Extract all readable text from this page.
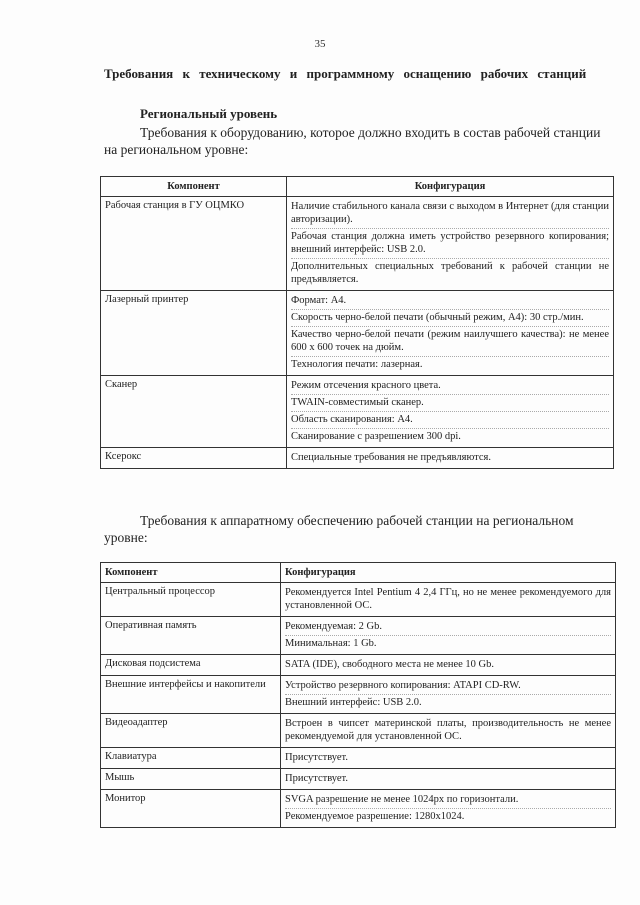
35
Требования к техническому и программному оснащению рабочих станций
Региональный уровень
Требования к оборудованию, которое должно входить в состав рабочей станции на региональном уровне:
Компонент	Конфигурация
Рабочая станция в ГУ ОЦМКО	Наличие стабильного канала связи с выходом в Интернет (для станции авторизации).
Рабочая станция должна иметь устройство резервного копирования; внешний интерфейс: USB 2.0.
Дополнительных специальных требований к рабочей станции не предъявляется.

Лазерный принтер	Формат: А4.
Скорость черно-белой печати (обычный режим, А4): 30 стр./мин.
Качество черно-белой печати (режим наилучшего качества): не менее 600 х 600 точек на дюйм.
Технология печати: лазерная.

Сканер	Режим отсечения красного цвета.
TWAIN-совместимый сканер.
Область сканирования: А4.
Сканирование с разрешением 300 dpi.

Ксерокс	Специальные требования не предъявляются.
Требования к аппаратному обеспечению рабочей станции на региональном уровне:
Компонент	Конфигурация
Центральный процессор	Рекомендуется Intel Pentium 4 2,4 ГГц, но не менее рекомендуемого для установленной ОС.

Оперативная память	Рекомендуемая: 2 Gb.
Минимальная: 1 Gb.

Дисковая подсистема	SATA (IDE), свободного места не менее 10 Gb.

Внешние интерфейсы и накопители	Устройство резервного копирования: ATAPI CD-RW.
Внешний интерфейс: USB 2.0.

Видеоадаптер	Встроен в чипсет материнской платы, производительность не менее рекомендуемой для установленной ОС.

Клавиатура	Присутствует.

Мышь	Присутствует.

Монитор	SVGA разрешение не менее 1024px по горизонтали.
Рекомендуемое разрешение: 1280x1024.
